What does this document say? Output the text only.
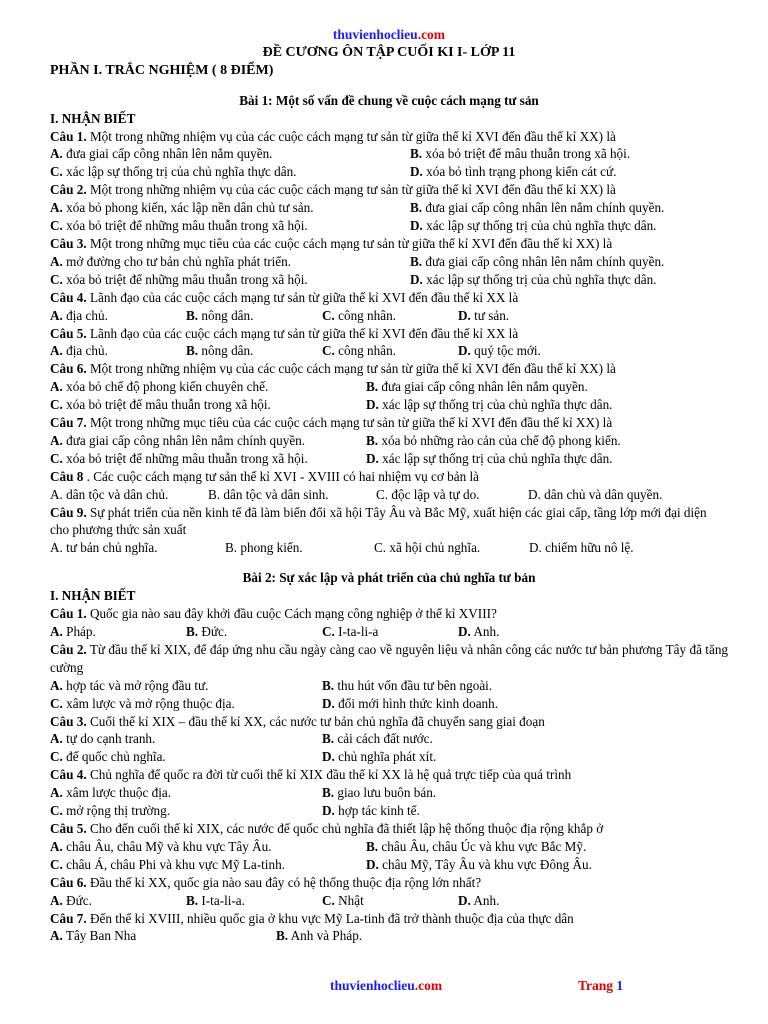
thuvienhoclieu.com
ĐỀ CƯƠNG ÔN TẬP CUỐI KI I- LỚP 11
PHẦN I. TRẮC NGHIỆM ( 8 ĐIỂM)
Bài 1: Một số vấn đề chung về cuộc cách mạng tư sản
I. NHẬN BIẾT
Câu 1. Một trong những nhiệm vụ của các cuộc cách mạng tư sản từ giữa thế kỉ XVI đến đầu thế kỉ XX) là
A. đưa giai cấp công nhân lên nắm quyền.	B. xóa bỏ triệt để mâu thuẫn trong xã hội.
C. xác lập sự thống trị của chủ nghĩa thực dân.	D. xóa bỏ tình trạng phong kiến cát cứ.
Câu 2. Một trong những nhiệm vụ của các cuộc cách mạng tư sản từ giữa thế kỉ XVI đến đầu thế kỉ XX) là
A. xóa bỏ phong kiến, xác lập nền dân chủ tư sản.	B. đưa giai cấp công nhân lên nắm chính quyền.
C. xóa bỏ triệt để những mâu thuẫn trong xã hội.	D. xác lập sự thống trị của chủ nghĩa thực dân.
Câu 3. Một trong những mục tiêu của các cuộc cách mạng tư sản từ giữa thế kỉ XVI đến đầu thế kỉ XX) là
A. mở đường cho tư bản chủ nghĩa phát triển.	B. đưa giai cấp công nhân lên nắm chính quyền.
C. xóa bỏ triệt để những mâu thuẫn trong xã hội.	D. xác lập sự thống trị của chủ nghĩa thực dân.
Câu 4. Lãnh đạo của các cuộc cách mạng tư sản từ giữa thế kỉ XVI đến đầu thế kỉ XX là
A. địa chủ.	B. nông dân.	C. công nhân.	D. tư sản.
Câu 5. Lãnh đạo của các cuộc cách mạng tư sản từ giữa thế kỉ XVI đến đầu thế kỉ XX là
A. địa chủ.	B. nông dân.	C. công nhân.	D. quý tộc mới.
Câu 6. Một trong những nhiệm vụ của các cuộc cách mạng tư sản từ giữa thế kỉ XVI đến đầu thế kỉ XX) là
A. xóa bỏ chế độ phong kiến chuyên chế.	B. đưa giai cấp công nhân lên nắm quyền.
C. xóa bỏ triệt để mâu thuẫn trong xã hội.	D. xác lập sự thống trị của chủ nghĩa thực dân.
Câu 7. Một trong những mục tiêu của các cuộc cách mạng tư sản từ giữa thế kỉ XVI đến đầu thế kỉ XX) là
A. đưa giai cấp công nhân lên nắm chính quyền.	B. xóa bỏ những rào cản của chế độ phong kiến.
C. xóa bỏ triệt để những mâu thuẫn trong xã hội.	D. xác lập sự thống trị của chủ nghĩa thực dân.
Câu 8 . Các cuộc cách mạng tư sản thế kỉ XVI - XVIII có hai nhiệm vụ cơ bản là
A. dân tộc và dân chủ.	B. dân tộc và dân sinh.	C. độc lập và tự do.	D. dân chủ và dân quyền.
Câu 9. Sự phát triển của nền kinh tế đã làm biến đổi xã hội Tây Âu và Bắc Mỹ, xuất hiện các giai cấp, tầng lớp mới đại diện cho phương thức sản xuất
A. tư bản chủ nghĩa.	B. phong kiến.	C. xã hội chủ nghĩa.	D. chiếm hữu nô lệ.
Bài 2: Sự xác lập và phát triển của chủ nghĩa tư bản
I. NHẬN BIẾT
Câu 1. Quốc gia nào sau đây khởi đầu cuộc Cách mạng công nghiệp ở thế kỉ XVIII?
A. Pháp.	B. Đức.	C. I-ta-li-a	D. Anh.
Câu 2. Từ đầu thế kỉ XIX, để đáp ứng nhu cầu ngày càng cao về nguyên liệu và nhân công các nước tư bản phương Tây đã tăng cường
A. hợp tác và mở rộng đầu tư.	B. thu hút vốn đầu tư bên ngoài.
C. xâm lược và mở rộng thuộc địa.	D. đổi mới hình thức kinh doanh.
Câu 3. Cuối thế kỉ XIX – đầu thế kỉ XX, các nước tư bản chủ nghĩa đã chuyển sang giai đoạn
A. tự do cạnh tranh.	B. cải cách đất nước.
C. đế quốc chủ nghĩa.	D. chủ nghĩa phát xít.
Câu 4. Chủ nghĩa đế quốc ra đời từ cuối thế kỉ XIX đầu thế kỉ XX là hệ quả trực tiếp của quá trình
A. xâm lược thuộc địa.	B. giao lưu buôn bán.
C. mở rộng thị trường.	D. hợp tác kinh tế.
Câu 5. Cho đến cuối thế kỉ XIX, các nước đế quốc chủ nghĩa đã thiết lập hệ thống thuộc địa rộng khắp ở
A. châu Âu, châu Mỹ và khu vực Tây Âu.	B. châu Âu, châu Úc và khu vực Bắc Mỹ.
C. châu Á, châu Phi và khu vực Mỹ La-tinh.	D. châu Mỹ, Tây Âu và khu vực Đông Âu.
Câu 6. Đầu thế kỉ XX, quốc gia nào sau đây có hệ thống thuộc địa rộng lớn nhất?
A. Đức.	B. I-ta-li-a.	C. Nhật	D. Anh.
Câu 7. Đến thế kỉ XVIII, nhiều quốc gia ở khu vực Mỹ La-tinh đã trở thành thuộc địa của thực dân
A. Tây Ban Nha	B. Anh và Pháp.
thuvienhoclieu.com	Trang 1
